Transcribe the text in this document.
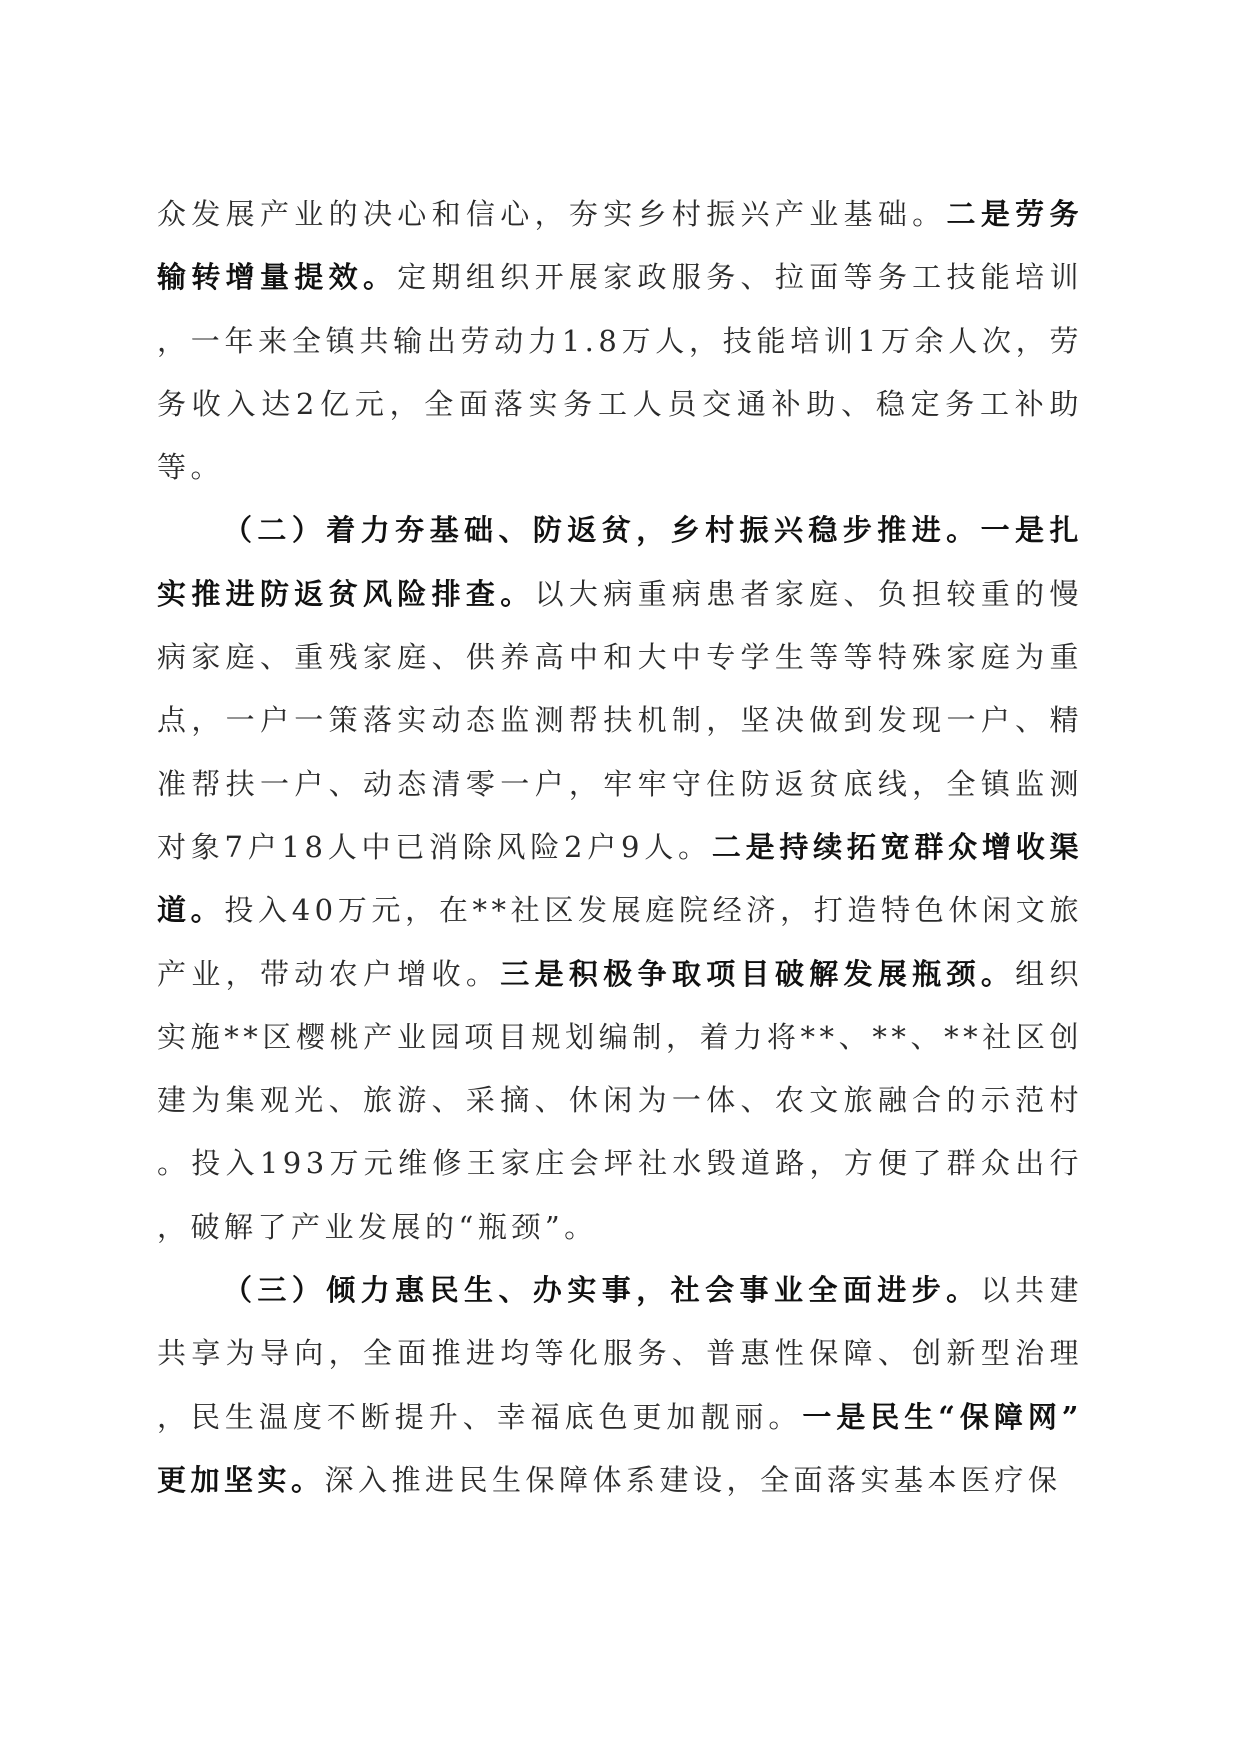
众发展产业的决心和信心，夯实乡村振兴产业基础。二是劳务输转增量提效。定期组织开展家政服务、拉面等务工技能培训，一年来全镇共输出劳动力1.8万人，技能培训1万余人次，劳务收入达2亿元，全面落实务工人员交通补助、稳定务工补助等。

（二）着力夯基础、防返贫，乡村振兴稳步推进。一是扎实推进防返贫风险排查。以大病重病患者家庭、负担较重的慢病家庭、重残家庭、供养高中和大中专学生等等特殊家庭为重点，一户一策落实动态监测帮扶机制，坚决做到发现一户、精准帮扶一户、动态清零一户，牢牢守住防返贫底线，全镇监测对象7户18人中已消除风险2户9人。二是持续拓宽群众增收渠道。投入40万元，在**社区发展庭院经济，打造特色休闲文旅产业，带动农户增收。三是积极争取项目破解发展瓶颈。组织实施**区樱桃产业园项目规划编制，着力将**、**、**社区创建为集观光、旅游、采摘、休闲为一体、农文旅融合的示范村。投入193万元维修王家庄会坪社水毁道路，方便了群众出行，破解了产业发展的“瓶颈”。

（三）倾力惠民生、办实事，社会事业全面进步。以共建共享为导向，全面推进均等化服务、普惠性保障、创新型治理，民生温度不断提升、幸福底色更加靓丽。一是民生“保障网”更加坚实。深入推进民生保障体系建设，全面落实基本医疗保
